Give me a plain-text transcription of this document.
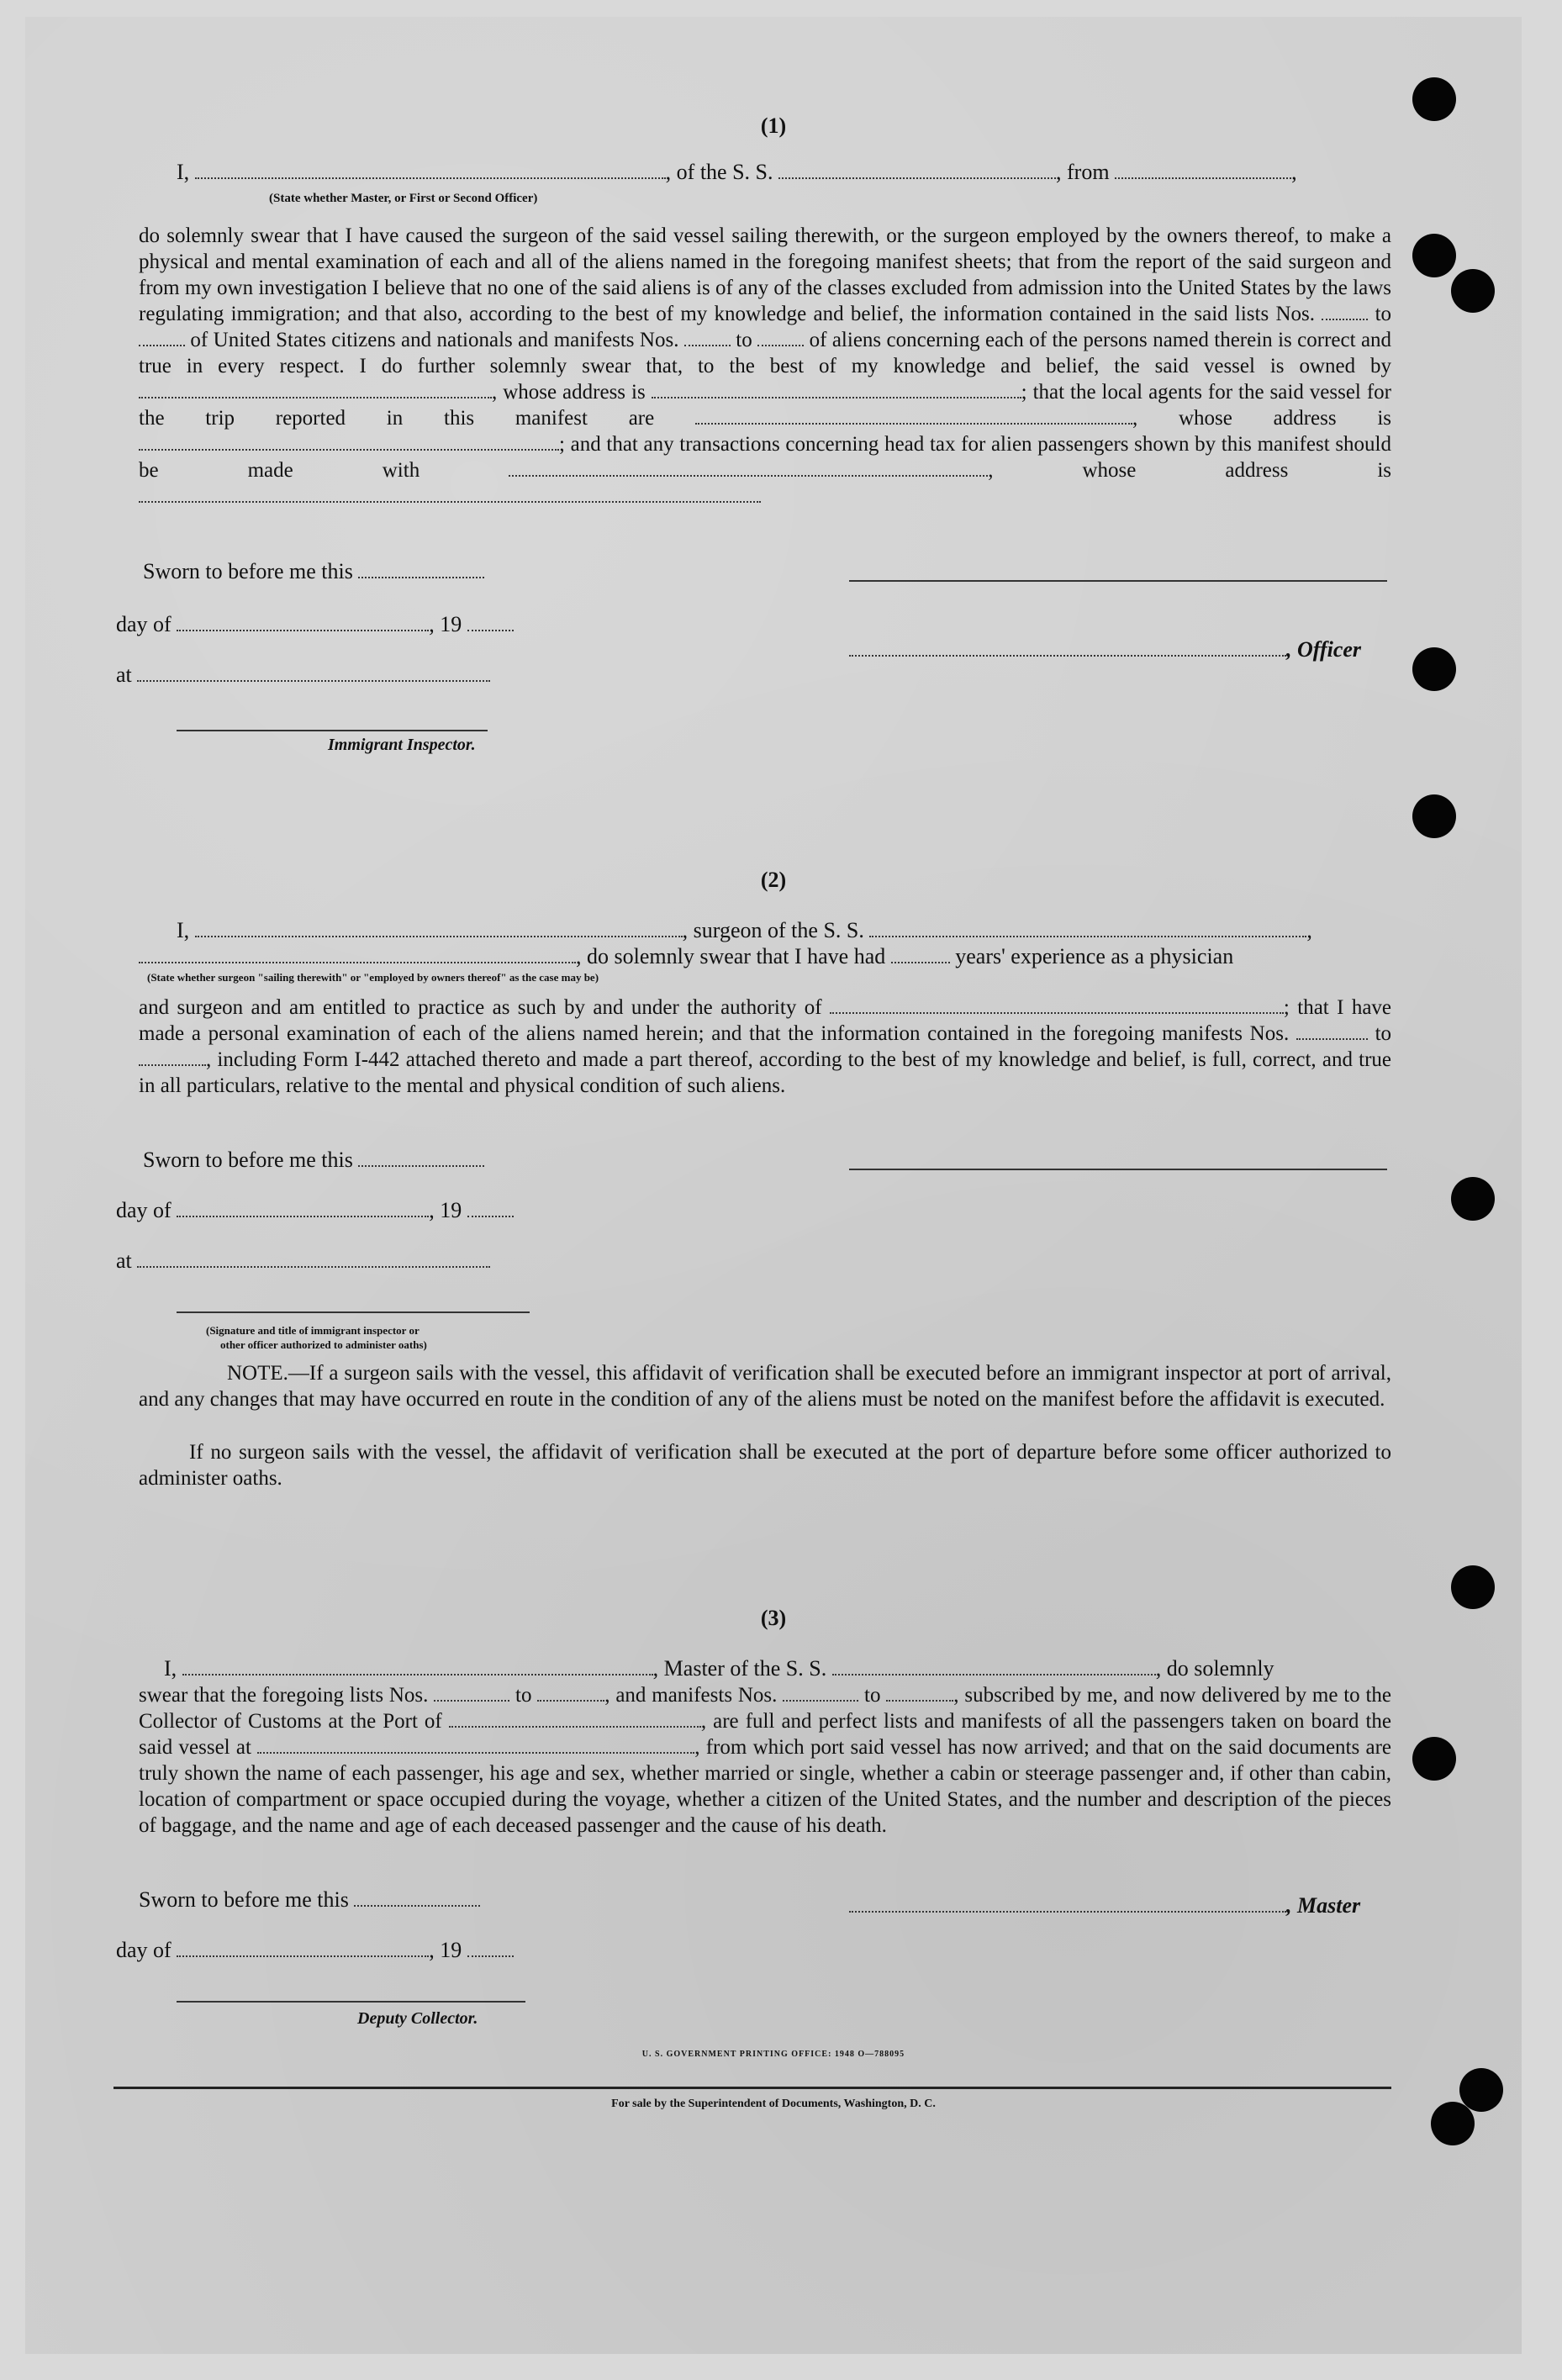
(1)
I,	, of the S. S.	, from	,
(State whether Master, or First or Second Officer)
do solemnly swear that I have caused the surgeon of the said vessel sailing therewith, or the surgeon employed by the owners thereof, to make a physical and mental examination of each and all of the aliens named in the foregoing manifest sheets; that from the report of the said surgeon and from my own investigation I believe that no one of the said aliens is of any of the classes excluded from admission into the United States by the laws regulating immigration; and that also, according to the best of my knowledge and belief, the information contained in the said lists Nos.	to  of United States citizens and nationals and manifests Nos.	to	of aliens concerning each of the persons named therein is correct and true in every respect. I do further solemnly swear that, to the best of my knowledge and belief, the said vessel is owned by , whose address is	; that the local agents for the said vessel for the trip reported in this manifest are	, whose address is ; and that any transactions concerning head tax for alien passengers shown by this manifest should be made with	, whose address is
Sworn to before me this
day of	, 19
, Officer
at
Immigrant Inspector.
(2)
I,	, surgeon of the S. S.	,
, do solemnly swear that I have had	years' experience as a physician
(State whether surgeon "sailing therewith" or "employed by owners thereof" as the case may be)
and surgeon and am entitled to practice as such by and under the authority of	; that I have made a personal examination of each of the aliens named herein; and that the information contained in the foregoing manifests Nos.	to , including Form I-442 attached thereto and made a part thereof, according to the best of my knowledge and belief, is full, correct, and true in all particulars, relative to the mental and physical condition of such aliens.
Sworn to before me this
day of	, 19
at
(Signature and title of immigrant inspector or
other officer authorized to administer oaths)
NOTE.—If a surgeon sails with the vessel, this affidavit of verification shall be executed before an immigrant inspector at port of arrival, and any changes that may have occurred en route in the condition of any of the aliens must be noted on the manifest before the affidavit is executed.
If no surgeon sails with the vessel, the affidavit of verification shall be executed at the port of departure before some officer authorized to administer oaths.
(3)
I,	, Master of the S. S.	, do solemnly
swear that the foregoing lists Nos.	to	, and manifests Nos.	to	, subscribed by me, and now delivered by me to the Collector of Customs at the Port of	, are full and perfect lists and manifests of all the passengers taken on board the said vessel at	, from which port said vessel has now arrived; and that on the said documents are truly shown the name of each passenger, his age and sex, whether married or single, whether a cabin or steerage passenger and, if other than cabin, location of compartment or space occupied during the voyage, whether a citizen of the United States, and the number and description of the pieces of baggage, and the name and age of each deceased passenger and the cause of his death.
Sworn to before me this	, Master
day of	, 19
Deputy Collector.
U. S. GOVERNMENT PRINTING OFFICE: 1948 O—788095
For sale by the Superintendent of Documents, Washington, D. C.
